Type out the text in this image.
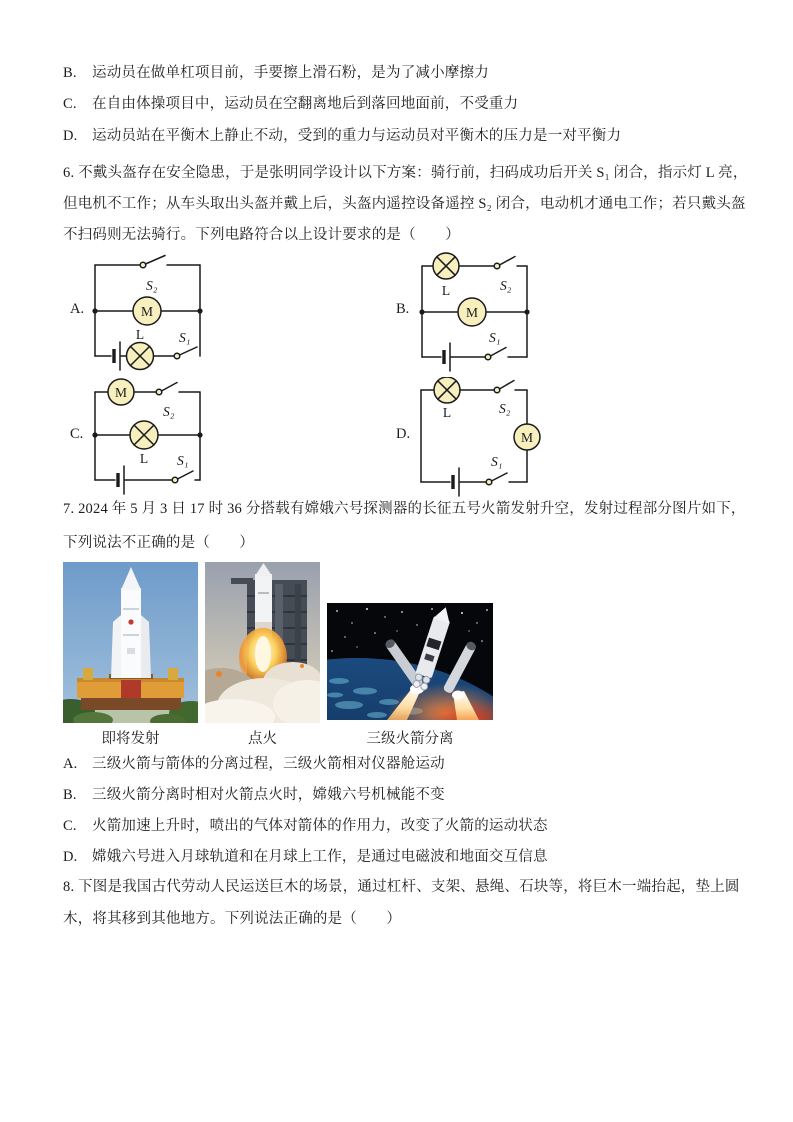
B. 运动员在做单杠项目前，手要擦上滑石粉，是为了减小摩擦力
C. 在自由体操项目中，运动员在空翻离地后到落回地面前，不受重力
D. 运动员站在平衡木上静止不动，受到的重力与运动员对平衡木的压力是一对平衡力
6. 不戴头盔存在安全隐患，于是张明同学设计以下方案：骑行前，扫码成功后开关 S₁ 闭合，指示灯 L 亮，
但电机不工作；从车头取出头盔并戴上后，头盔内遥控设备遥控 S₂ 闭合，电动机才通电工作；若只戴头盔
不扫码则无法骑行。下列电路符合以上设计要求的是（　　）
A.	B.
C.	D.
S₂
M
L	S₁
L	S₂
M
S₁
M
S₂
L S₁
L	S₂
M
S₁
7. 2024 年 5 月 3 日 17 时 36 分搭载有嫦娥六号探测器的长征五号火箭发射升空，发射过程部分图片如下，
下列说法不正确的是（　　）
即将发射	点火	三级火箭分离
A. 三级火箭与箭体的分离过程，三级火箭相对仪器舱运动
B. 三级火箭分离时相对火箭点火时，嫦娥六号机械能不变
C. 火箭加速上升时，喷出的气体对箭体的作用力，改变了火箭的运动状态
D. 嫦娥六号进入月球轨道和在月球上工作，是通过电磁波和地面交互信息
8. 下图是我国古代劳动人民运送巨木的场景，通过杠杆、支架、悬绳、石块等，将巨木一端抬起，垫上圆
木，将其移到其他地方。下列说法正确的是（　　）
